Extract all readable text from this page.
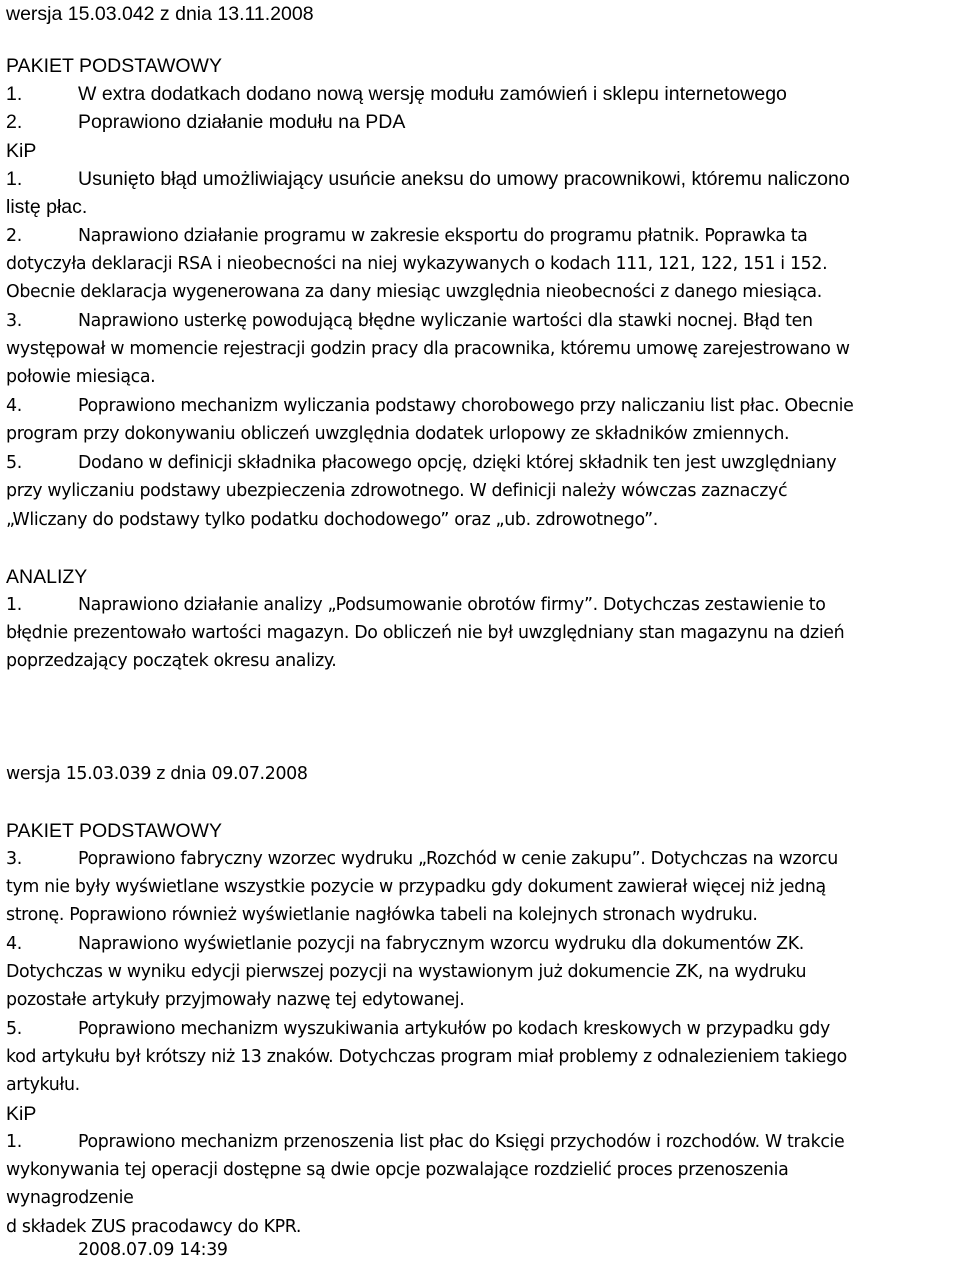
wersja 15.03.042 z dnia 13.11.2008
PAKIET PODSTAWOWY
1.	W extra dodatkach dodano nową wersję modułu zamówień i sklepu internetowego
2.	Poprawiono działanie modułu na PDA
KiP
1.	Usunięto błąd umożliwiający usuńcie aneksu do umowy pracownikowi, któremu naliczono
listę płac.
2.	Naprawiono działanie programu w zakresie eksportu do programu płatnik. Poprawka ta
dotyczyła deklaracji RSA i nieobecności na niej wykazywanych o kodach 111, 121, 122, 151 i 152.
Obecnie deklaracja wygenerowana za dany miesiąc uwzględnia nieobecności z danego miesiąca.
3.	Naprawiono usterkę powodującą błędne wyliczanie wartości dla stawki nocnej. Błąd ten
występował w momencie rejestracji godzin pracy dla pracownika, któremu umowę zarejestrowano w
połowie miesiąca.
4.	Poprawiono mechanizm wyliczania podstawy chorobowego przy naliczaniu list płac. Obecnie
program przy dokonywaniu obliczeń uwzględnia dodatek urlopowy ze składników zmiennych.
5.	Dodano w definicji składnika płacowego opcję, dzięki której składnik ten jest uwzględniany
przy wyliczaniu podstawy ubezpieczenia zdrowotnego. W definicji należy wówczas zaznaczyć
„Wliczany do podstawy tylko podatku dochodowego” oraz „ub. zdrowotnego”.
ANALIZY
1.	Naprawiono działanie analizy „Podsumowanie obrotów firmy”. Dotychczas zestawienie to
błędnie prezentowało wartości magazyn. Do obliczeń nie był uwzględniany stan magazynu na dzień
poprzedzający początek okresu analizy.
wersja 15.03.039 z dnia 09.07.2008
PAKIET PODSTAWOWY
3.	Poprawiono fabryczny wzorzec wydruku „Rozchód w cenie zakupu”. Dotychczas na wzorcu
tym nie były wyświetlane wszystkie pozycie w przypadku gdy dokument zawierał więcej niż jedną
stronę. Poprawiono również wyświetlanie nagłówka tabeli na kolejnych stronach wydruku.
4.	Naprawiono wyświetlanie pozycji na fabrycznym wzorcu wydruku dla dokumentów ZK.
Dotychczas w wyniku edycji pierwszej pozycji na wystawionym już dokumencie ZK, na wydruku
pozostałe artykuły przyjmowały nazwę tej edytowanej.
5.	Poprawiono mechanizm wyszukiwania artykułów po kodach kreskowych w przypadku gdy
kod artykułu był krótszy niż 13 znaków. Dotychczas program miał problemy z odnalezieniem takiego
artykułu.
KiP
1.	Poprawiono mechanizm przenoszenia list płac do Księgi przychodów i rozchodów. W trakcie
wykonywania tej operacji dostępne są dwie opcje pozwalające rozdzielić proces przenoszenia
wynagrodzenie
d składek ZUS pracodawcy do KPR.
2008.07.09 14:39
